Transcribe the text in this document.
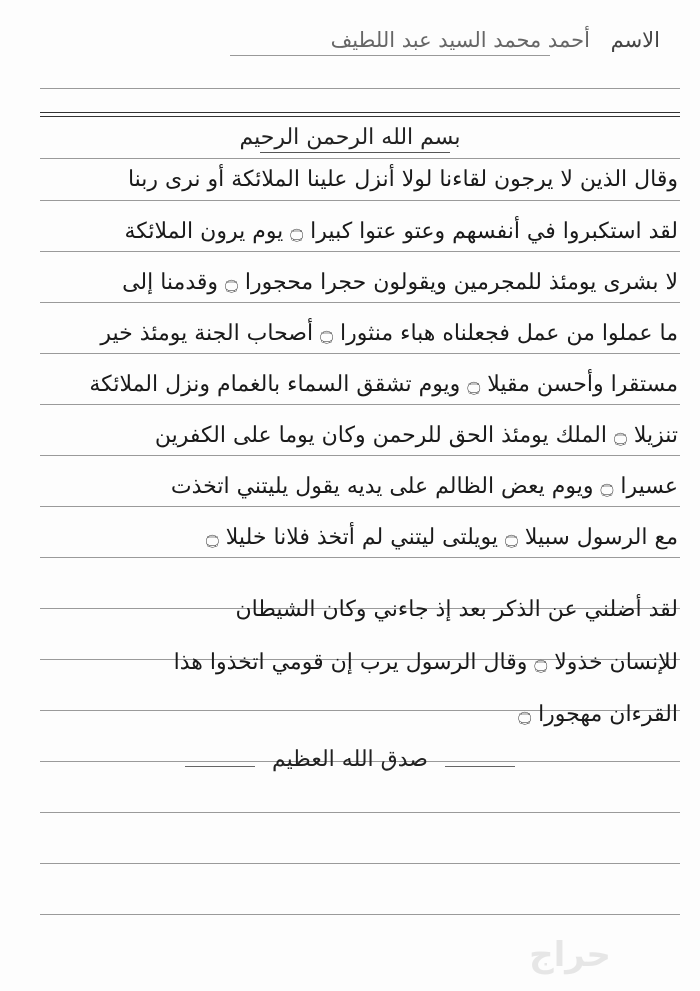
الاسم أحمد محمد السيد عبد اللطيف
بسم الله الرحمن الرحيم
وقال الذين لا يرجون لقاءنا لولا أنزل علينا الملائكة أو نرى ربنا
لقد استكبروا في أنفسهم وعتو عتوا كبيرا ۝ يوم يرون الملائكة
لا بشرى يومئذ للمجرمين ويقولون حجرا محجورا ۝ وقدمنا إلى
ما عملوا من عمل فجعلناه هباء منثورا ۝ أصحاب الجنة يومئذ خير
مستقرا وأحسن مقيلا ۝ ويوم تشقق السماء بالغمام ونزل الملائكة
تنزيلا ۝ الملك يومئذ الحق للرحمن وكان يوما على الكفرين
عسيرا ۝ ويوم يعض الظالم على يديه يقول يليتني اتخذت
مع الرسول سبيلا ۝ يويلتى ليتني لم أتخذ فلانا خليلا ۝
لقد أضلني عن الذكر بعد إذ جاءني وكان الشيطان
للإنسان خذولا ۝ وقال الرسول يرب إن قومي اتخذوا هذا
القرءان مهجورا ۝
صدق الله العظيم
حراج
